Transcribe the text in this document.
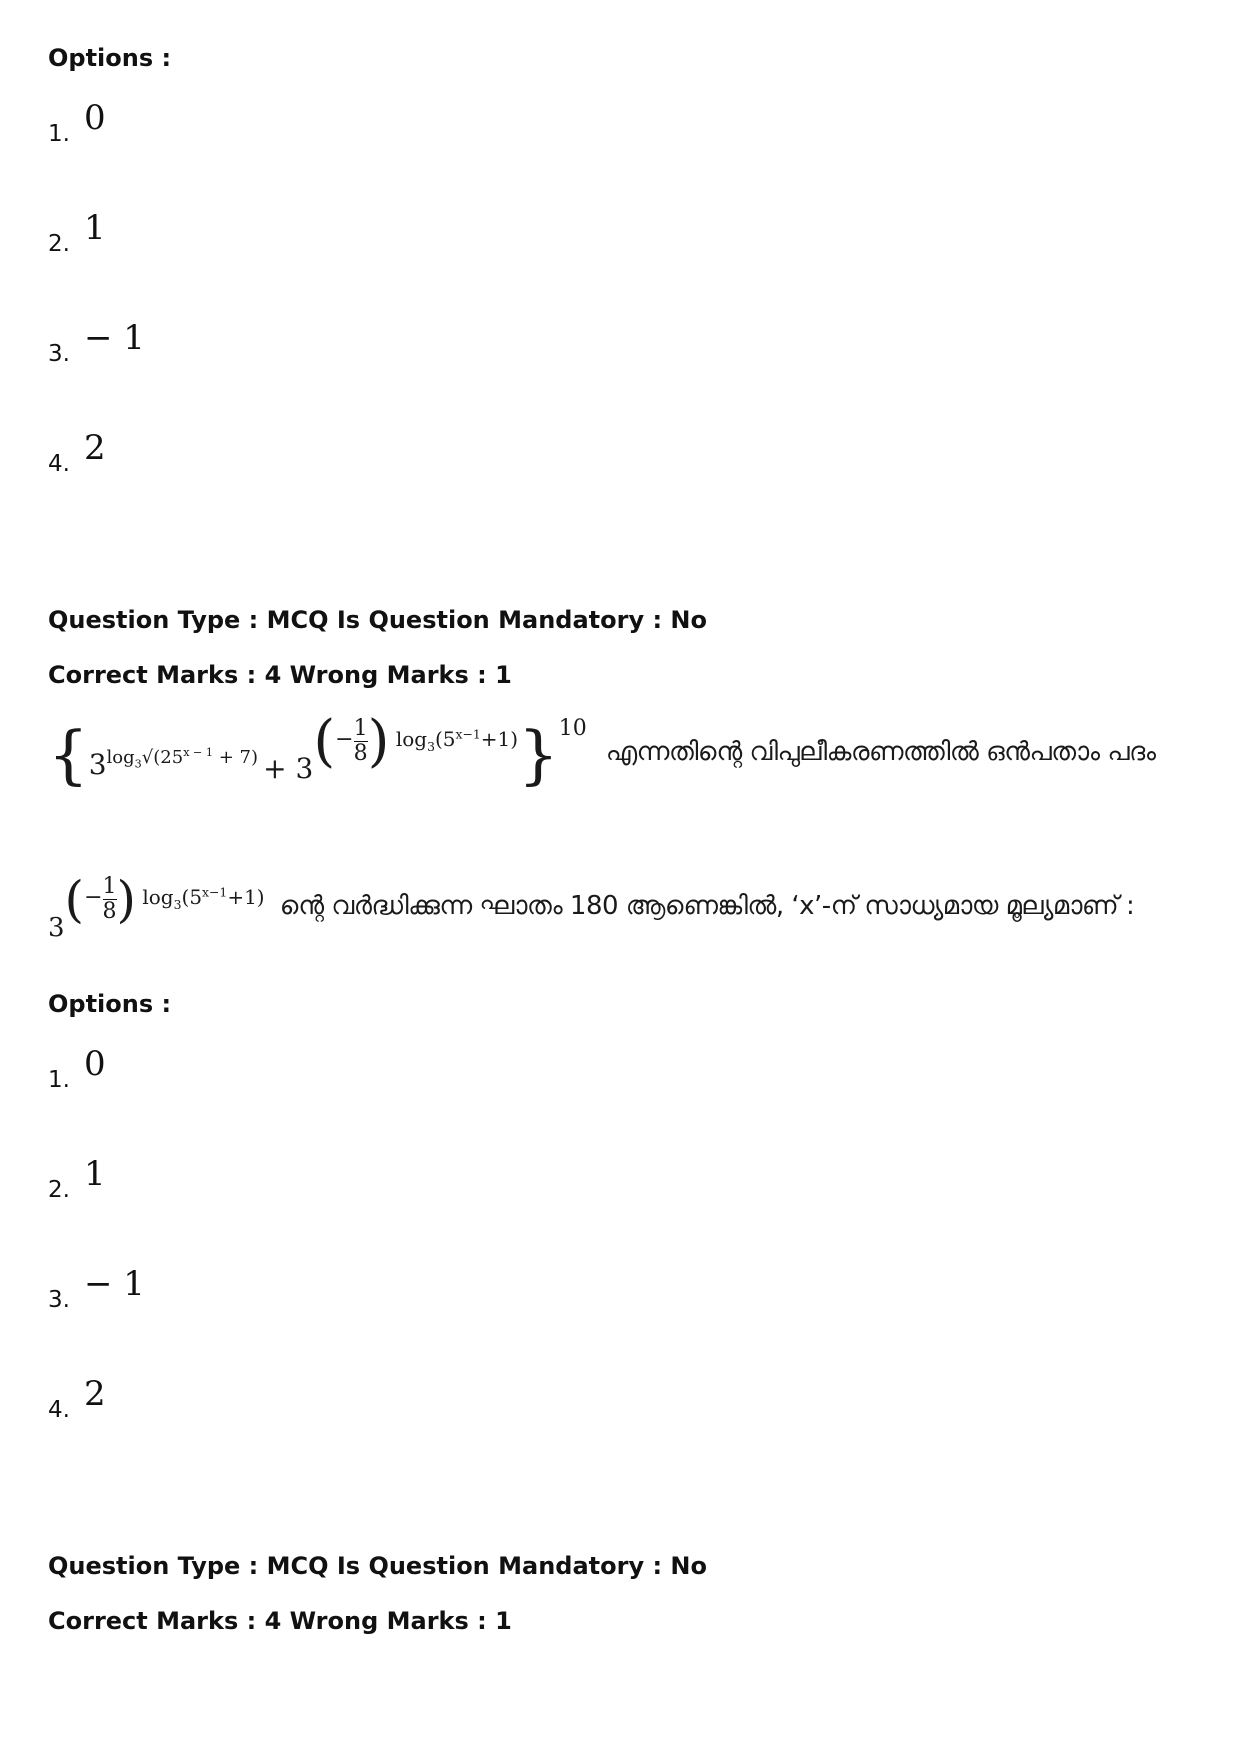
Options :
1. 0
2. 1
3. − 1
4. 2
Question Type : MCQ Is Question Mandatory : No
Correct Marks : 4 Wrong Marks : 1
{$3^{log_3√(25^{x - 1} + 7)} + 3(- \frac{1}{8}$ ) $\log_3(5^{x-1}+1)\}^{10}$ എന്നതിന്റെ വിപുലീകരണത്തിൽ ഒൻപതാം പദം
$3(- \frac{1}{8}$ ) $\log_3(5^{x-1}+1)$ ന്റെ വർദ്ധിക്കുന്ന ഘാതം 180 ആണെങ്കിൽ, ‘x’-ന് സാധ്യമായ മൂല്യമാണ് :
Options :
1. 0
2. 1
3. − 1
4. 2
Question Type : MCQ Is Question Mandatory : No
Correct Marks : 4 Wrong Marks : 1
